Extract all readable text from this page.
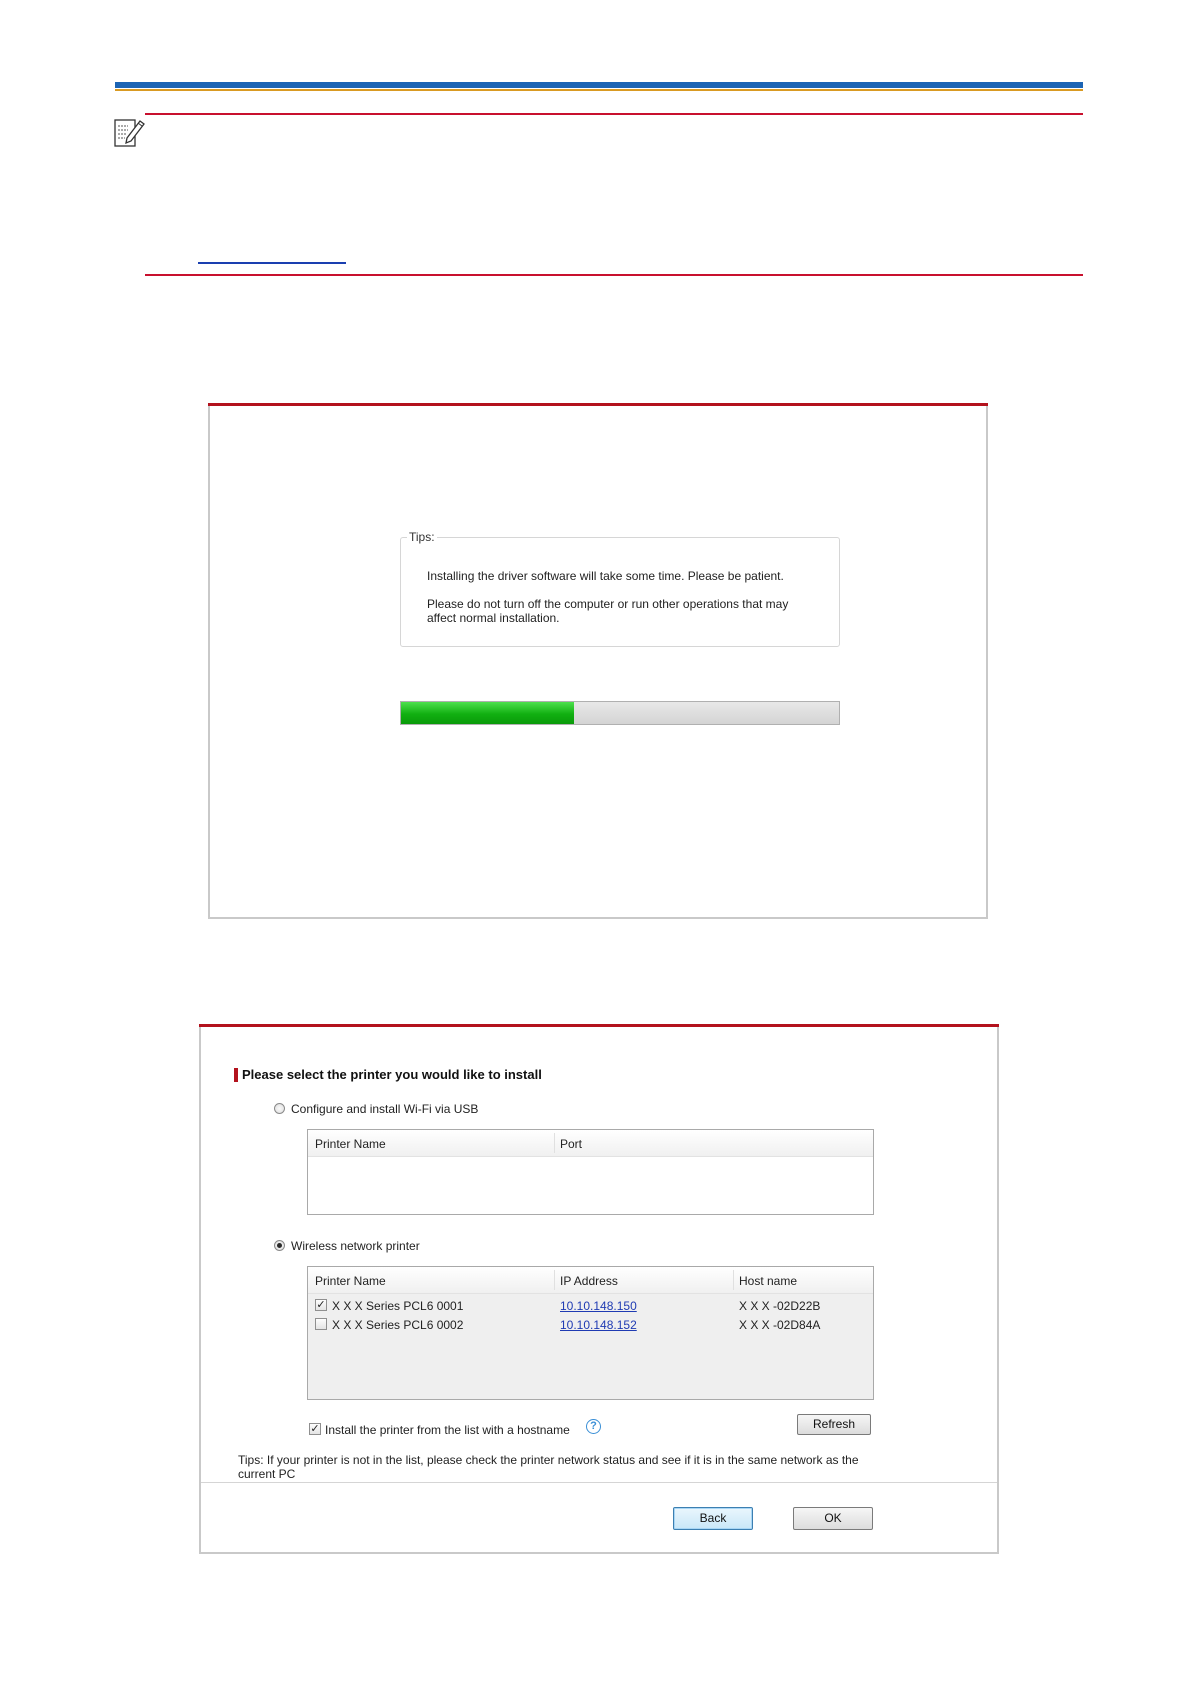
Tips:
Installing the driver software will take some time. Please be patient.
Please do not turn off the computer or run other operations that may
affect normal installation.
Please select the printer you would like to install
Configure and install Wi-Fi via USB
Printer Name	Port
Wireless network printer
Printer Name	IP Address	Host name
✓ X X X Series PCL6 0001	10.10.148.150	X X X -02D22B
X X X Series PCL6 0002	10.10.148.152	X X X -02D84A
✓ Install the printer from the list with a hostname	?	Refresh
Tips: If your printer is not in the list, please check the printer network status and see if it is in the same network as the
current PC
Back	OK
